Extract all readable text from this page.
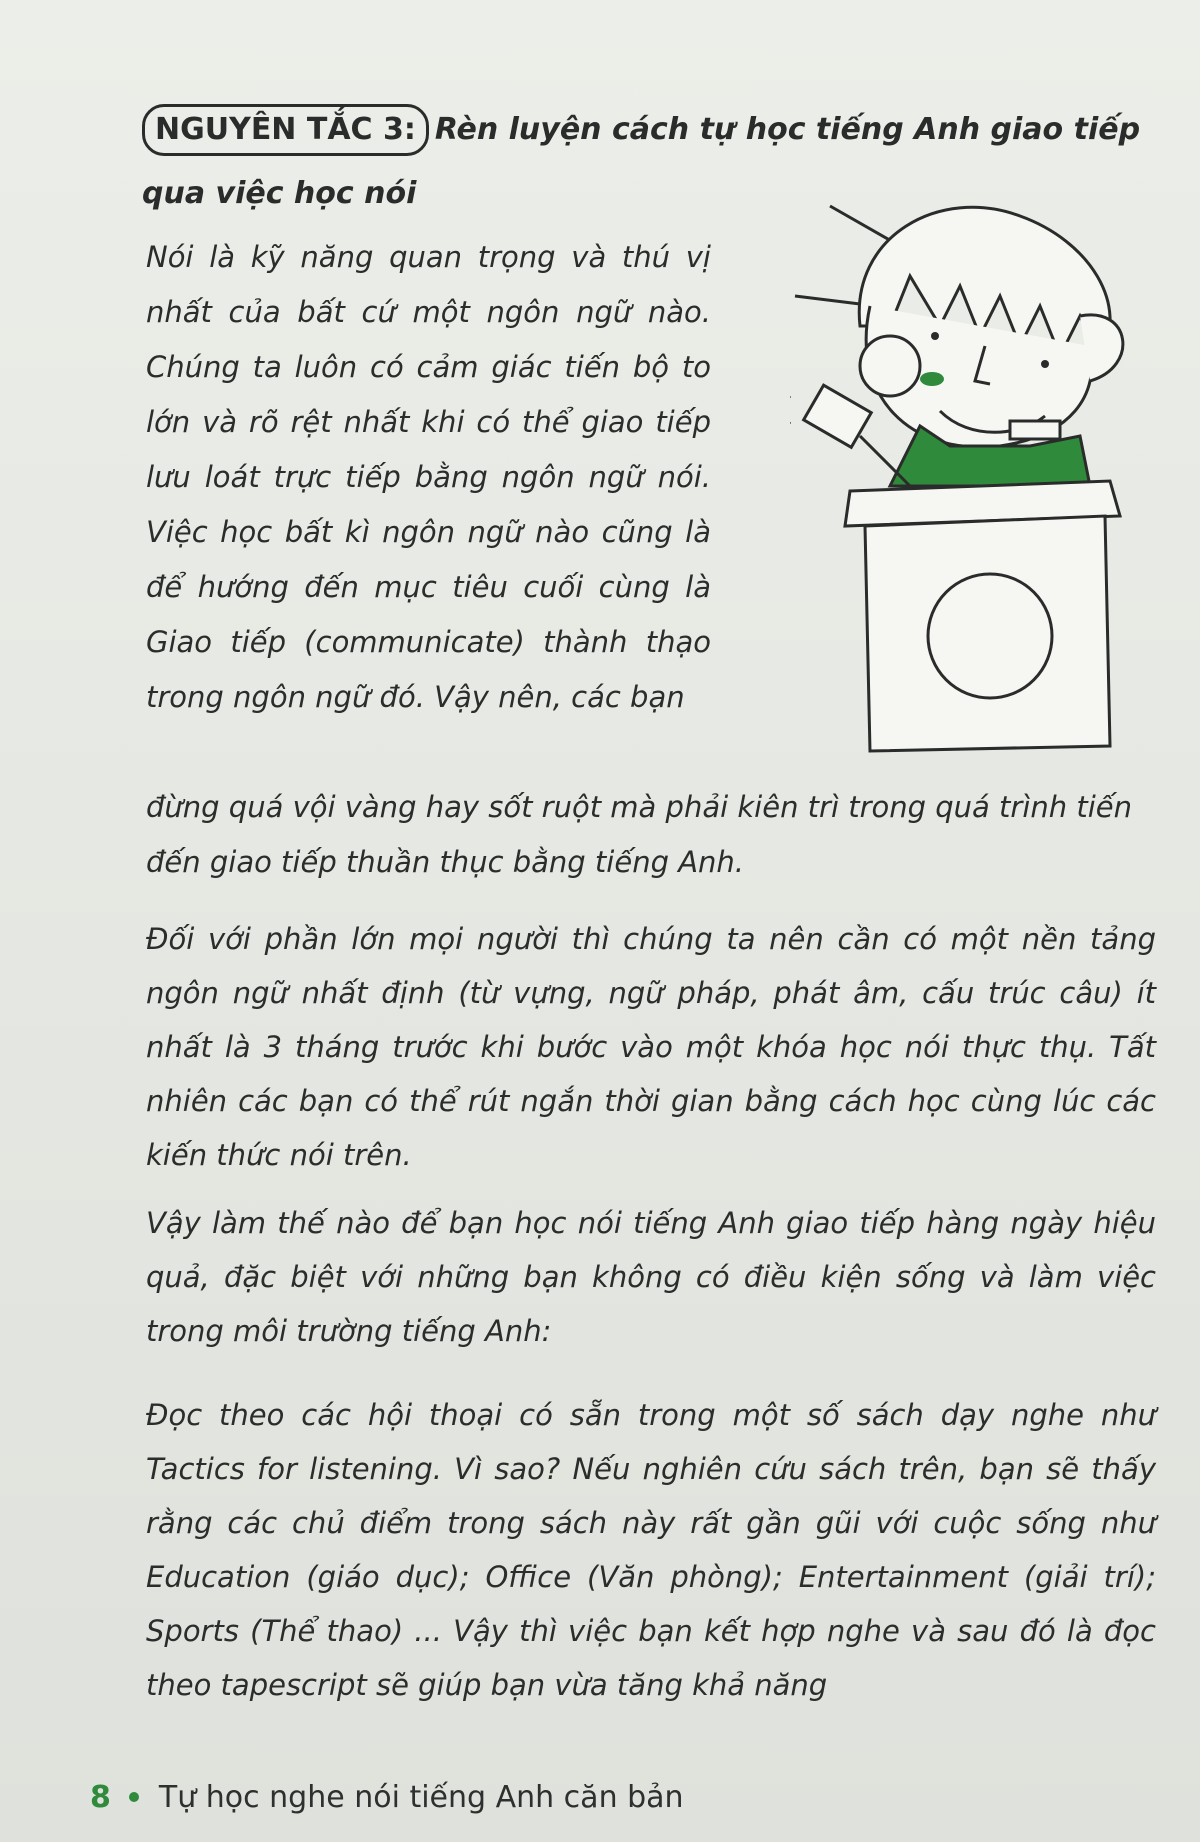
NGUYÊN TẮC 3: Rèn luyện cách tự học tiếng Anh giao tiếp qua việc học nói
Nói là kỹ năng quan trọng và thú vị nhất của bất cứ một ngôn ngữ nào. Chúng ta luôn có cảm giác tiến bộ to lớn và rõ rệt nhất khi có thể giao tiếp lưu loát trực tiếp bằng ngôn ngữ nói. Việc học bất kì ngôn ngữ nào cũng là để hướng đến mục tiêu cuối cùng là Giao tiếp (communicate) thành thạo trong ngôn ngữ đó. Vậy nên, các bạn
đừng quá vội vàng hay sốt ruột mà phải kiên trì trong quá trình tiến đến giao tiếp thuần thục bằng tiếng Anh.
Đối với phần lớn mọi người thì chúng ta nên cần có một nền tảng ngôn ngữ nhất định (từ vựng, ngữ pháp, phát âm, cấu trúc câu) ít nhất là 3 tháng trước khi bước vào một khóa học nói thực thụ. Tất nhiên các bạn có thể rút ngắn thời gian bằng cách học cùng lúc các kiến thức nói trên.
Vậy làm thế nào để bạn học nói tiếng Anh giao tiếp hàng ngày hiệu quả, đặc biệt với những bạn không có điều kiện sống và làm việc trong môi trường tiếng Anh:
Đọc theo các hội thoại có sẵn trong một số sách dạy nghe như Tactics for listening. Vì sao? Nếu nghiên cứu sách trên, bạn sẽ thấy rằng các chủ điểm trong sách này rất gần gũi với cuộc sống như Education (giáo dục); Office (Văn phòng); Entertainment (giải trí); Sports (Thể thao) ... Vậy thì việc bạn kết hợp nghe và sau đó là đọc theo tapescript sẽ giúp bạn vừa tăng khả năng
8 Tự học nghe nói tiếng Anh căn bản
